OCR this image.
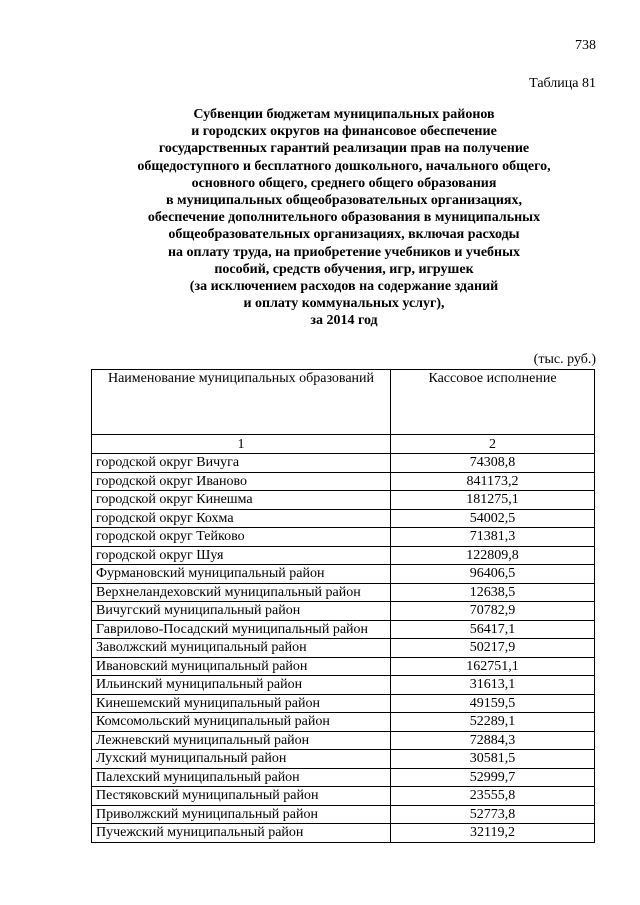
738
Таблица 81
Субвенции бюджетам муниципальных районов
и городских округов на финансовое обеспечение
государственных гарантий реализации прав на получение
общедоступного и бесплатного дошкольного, начального общего,
основного общего, среднего общего образования
в муниципальных общеобразовательных организациях,
обеспечение дополнительного образования в муниципальных
общеобразовательных организациях, включая расходы
на оплату труда, на приобретение учебников и учебных
пособий, средств обучения, игр, игрушек
(за исключением расходов на содержание зданий
и оплату коммунальных услуг),
за 2014 год
(тыс. руб.)
Наименование муниципальных образований	Кассовое исполнение
1	2
городской округ Вичуга	74308,8
городской округ Иваново	841173,2
городской округ Кинешма	181275,1
городской округ Кохма	54002,5
городской округ Тейково	71381,3
городской округ Шуя	122809,8
Фурмановский муниципальный район	96406,5
Верхнеландеховский муниципальный район	12638,5
Вичугский муниципальный район	70782,9
Гаврилово-Посадский муниципальный район	56417,1
Заволжский муниципальный район	50217,9
Ивановский муниципальный район	162751,1
Ильинский муниципальный район	31613,1
Кинешемский муниципальный район	49159,5
Комсомольский муниципальный район	52289,1
Лежневский муниципальный район	72884,3
Лухский муниципальный район	30581,5
Палехский муниципальный район	52999,7
Пестяковский муниципальный район	23555,8
Приволжский муниципальный район	52773,8
Пучежский муниципальный район	32119,2
